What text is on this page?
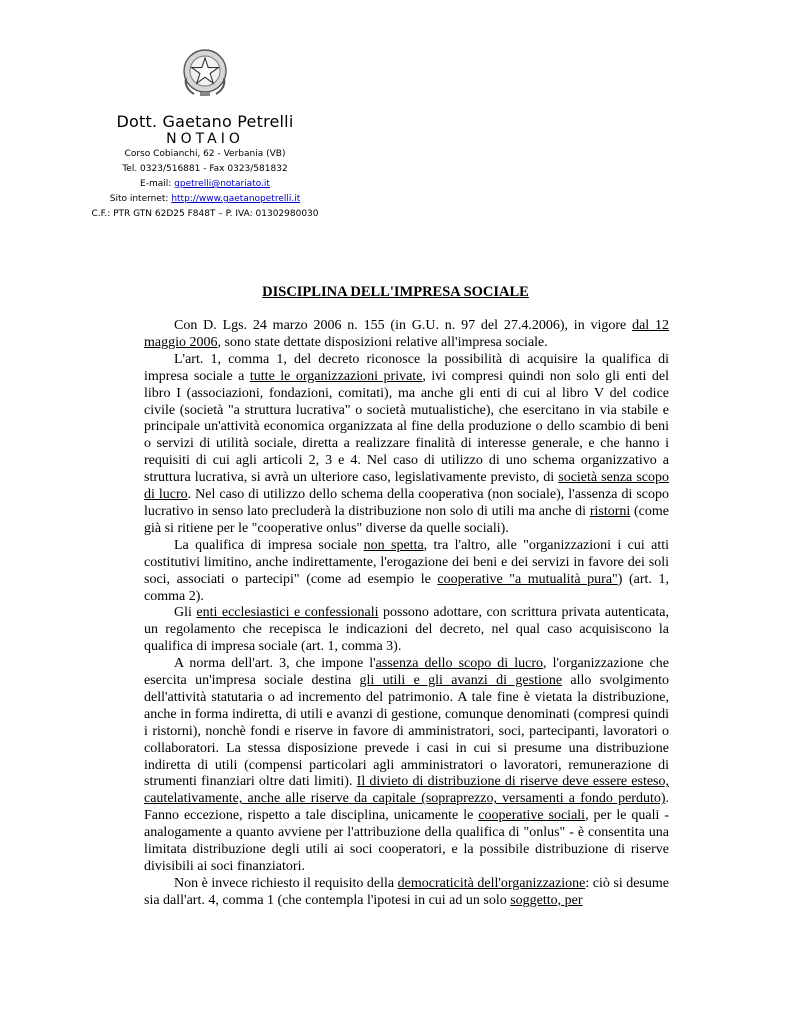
Dott. Gaetano Petrelli
NOTAIO
Corso Cobianchi, 62 - Verbania (VB)
Tel. 0323/516881 - Fax 0323/581832
E-mail: gpetrelli@notariato.it
Sito internet: http://www.gaetanopetrelli.it
C.F.: PTR GTN 62D25 F848T – P. IVA: 01302980030
DISCIPLINA DELL'IMPRESA SOCIALE

Con D. Lgs. 24 marzo 2006 n. 155 (in G.U. n. 97 del 27.4.2006), in vigore dal 12 maggio 2006, sono state dettate disposizioni relative all'impresa sociale.

L'art. 1, comma 1, del decreto riconosce la possibilità di acquisire la qualifica di impresa sociale a tutte le organizzazioni private, ivi compresi quindi non solo gli enti del libro I (associazioni, fondazioni, comitati), ma anche gli enti di cui al libro V del codice civile (società "a struttura lucrativa" o società mutualistiche), che esercitano in via stabile e principale un'attività economica organizzata al fine della produzione o dello scambio di beni o servizi di utilità sociale, diretta a realizzare finalità di interesse generale, e che hanno i requisiti di cui agli articoli 2, 3 e 4. Nel caso di utilizzo di uno schema organizzativo a struttura lucrativa, si avrà un ulteriore caso, legislativamente previsto, di società senza scopo di lucro. Nel caso di utilizzo dello schema della cooperativa (non sociale), l'assenza di scopo lucrativo in senso lato precluderà la distribuzione non solo di utili ma anche di ristorni (come già si ritiene per le "cooperative onlus" diverse da quelle sociali).

La qualifica di impresa sociale non spetta, tra l'altro, alle "organizzazioni i cui atti costitutivi limitino, anche indirettamente, l'erogazione dei beni e dei servizi in favore dei soli soci, associati o partecipi" (come ad esempio le cooperative "a mutualità pura") (art. 1, comma 2).

Gli enti ecclesiastici e confessionali possono adottare, con scrittura privata autenticata, un regolamento che recepisca le indicazioni del decreto, nel qual caso acquisiscono la qualifica di impresa sociale (art. 1, comma 3).

A norma dell'art. 3, che impone l'assenza dello scopo di lucro, l'organizzazione che esercita un'impresa sociale destina gli utili e gli avanzi di gestione allo svolgimento dell'attività statutaria o ad incremento del patrimonio. A tale fine è vietata la distribuzione, anche in forma indiretta, di utili e avanzi di gestione, comunque denominati (compresi quindi i ristorni), nonchè fondi e riserve in favore di amministratori, soci, partecipanti, lavoratori o collaboratori. La stessa disposizione prevede i casi in cui si presume una distribuzione indiretta di utili (compensi particolari agli amministratori o lavoratori, remunerazione di strumenti finanziari oltre dati limiti). Il divieto di distribuzione di riserve deve essere esteso, cautelativamente, anche alle riserve da capitale (sopraprezzo, versamenti a fondo perduto). Fanno eccezione, rispetto a tale disciplina, unicamente le cooperative sociali, per le quali - analogamente a quanto avviene per l'attribuzione della qualifica di "onlus" - è consentita una limitata distribuzione degli utili ai soci cooperatori, e la possibile distribuzione di riserve divisibili ai soci finanziatori.

Non è invece richiesto il requisito della democraticità dell'organizzazione: ciò si desume sia dall'art. 4, comma 1 (che contempla l'ipotesi in cui ad un solo soggetto, per
